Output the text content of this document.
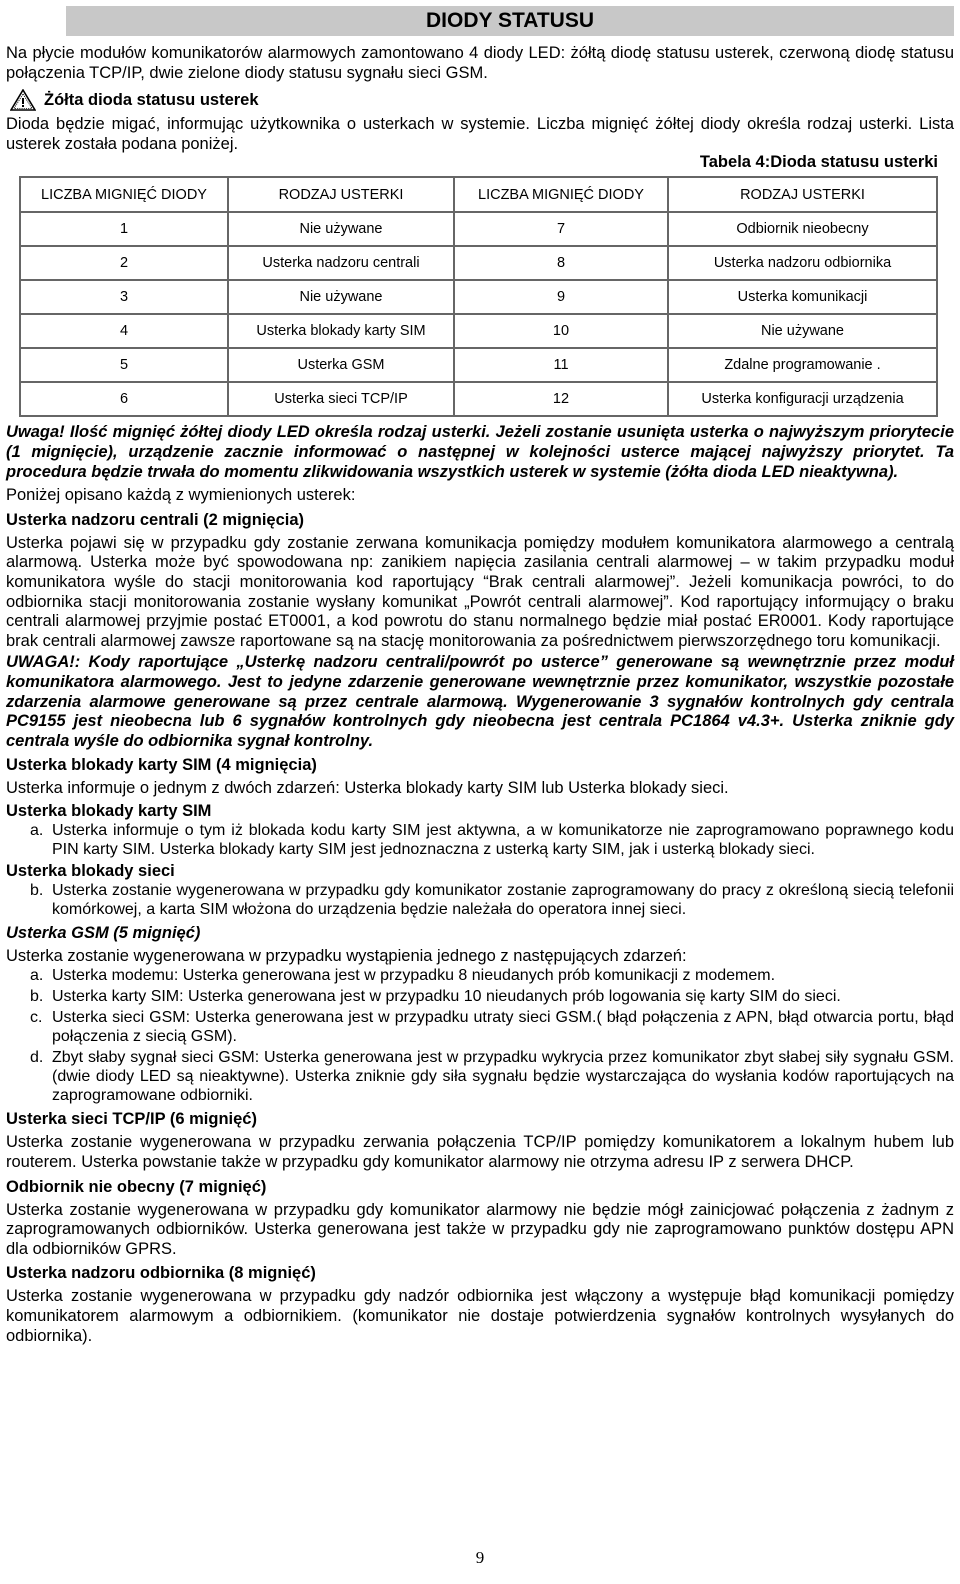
DIODY STATUSU

Na płycie modułów komunikatorów alarmowych zamontowano 4 diody LED: żółtą diodę statusu usterek, czerwoną diodę statusu połączenia TCP/IP, dwie zielone diody statusu sygnału sieci GSM.

Żółta dioda statusu usterek

Dioda będzie migać, informując użytkownika o usterkach w systemie. Liczba mignięć żółtej diody określa rodzaj usterki. Lista usterek została podana poniżej.

Tabela 4:Dioda statusu usterki
LICZBA MIGNIĘĆ DIODY	RODZAJ USTERKI	LICZBA MIGNIĘĆ DIODY	RODZAJ USTERKI
1	Nie używane	7	Odbiornik nieobecny
2	Usterka nadzoru centrali	8	Usterka nadzoru odbiornika
3	Nie używane	9	Usterka komunikacji
4	Usterka blokady karty SIM	10	Nie używane
5	Usterka GSM	11	Zdalne programowanie .
6	Usterka sieci TCP/IP	12	Usterka konfiguracji urządzenia

Uwaga! Ilość mignięć żółtej diody LED określa rodzaj usterki. Jeżeli zostanie usunięta usterka o najwyższym priorytecie (1 mignięcie), urządzenie zacznie informować o następnej w kolejności usterce mającej najwyższy priorytet. Ta procedura będzie trwała do momentu zlikwidowania wszystkich usterek w systemie (żółta dioda LED nieaktywna).

Poniżej opisano każdą z wymienionych usterek:

Usterka nadzoru centrali (2 mignięcia)

Usterka pojawi się w przypadku gdy zostanie zerwana komunikacja pomiędzy modułem komunikatora alarmowego a centralą alarmową. Usterka może być spowodowana np: zanikiem napięcia zasilania centrali alarmowej – w takim przypadku moduł komunikatora wyśle do stacji monitorowania kod raportujący “Brak centrali alarmowej”. Jeżeli komunikacja powróci, to do odbiornika stacji monitorowania zostanie wysłany komunikat „Powrót centrali alarmowej”. Kod raportujący informujący o braku centrali alarmowej przyjmie postać ET0001, a kod powrotu do stanu normalnego będzie miał postać ER0001. Kody raportujące brak centrali alarmowej zawsze raportowane są na stację monitorowania za pośrednictwem pierwszorzędnego toru komunikacji.

UWAGA!: Kody raportujące „Usterkę nadzoru centrali/powrót po usterce” generowane są wewnętrznie przez moduł komunikatora alarmowego. Jest to jedyne zdarzenie generowane wewnętrznie przez komunikator, wszystkie pozostałe zdarzenia alarmowe generowane są przez centrale alarmową. Wygenerowanie 3 sygnałów kontrolnych gdy centrala PC9155 jest nieobecna lub 6 sygnałów kontrolnych gdy nieobecna jest centrala PC1864 v4.3+. Usterka zniknie gdy centrala wyśle do odbiornika sygnał kontrolny.

Usterka blokady karty SIM (4 mignięcia)

Usterka informuje o jednym z dwóch zdarzeń: Usterka blokady karty SIM lub Usterka blokady sieci.

Usterka blokady karty SIM
a. Usterka informuje o tym iż blokada kodu karty SIM jest aktywna, a w komunikatorze nie zaprogramowano poprawnego kodu PIN karty SIM. Usterka blokady karty SIM jest jednoznaczna z usterką karty SIM, jak i usterką blokady sieci.
Usterka blokady sieci
b. Usterka zostanie wygenerowana w przypadku gdy komunikator zostanie zaprogramowany do pracy z określoną siecią telefonii komórkowej, a karta SIM włożona do urządzenia będzie należała do operatora innej sieci.
Usterka GSM (5 mignięć)

Usterka zostanie wygenerowana w przypadku wystąpienia jednego z następujących zdarzeń:

a. Usterka modemu: Usterka generowana jest w przypadku 8 nieudanych prób komunikacji z modemem.
b. Usterka karty SIM: Usterka generowana jest w przypadku 10 nieudanych prób logowania się karty SIM do sieci.
c. Usterka sieci GSM: Usterka generowana jest w przypadku utraty sieci GSM.( błąd połączenia z APN, błąd otwarcia portu, błąd połączenia z siecią GSM).
d. Zbyt słaby sygnał sieci GSM: Usterka generowana jest w przypadku wykrycia przez komunikator zbyt słabej siły sygnału GSM. (dwie diody LED są nieaktywne). Usterka zniknie gdy siła sygnału będzie wystarczająca do wysłania kodów raportujących na zaprogramowane odbiorniki.
Usterka sieci TCP/IP (6 mignięć)

Usterka zostanie wygenerowana w przypadku zerwania połączenia TCP/IP pomiędzy komunikatorem a lokalnym hubem lub routerem. Usterka powstanie także w przypadku gdy komunikator alarmowy nie otrzyma adresu IP z serwera DHCP.

Odbiornik nie obecny (7 mignięć)

Usterka zostanie wygenerowana w przypadku gdy komunikator alarmowy nie będzie mógł zainicjować połączenia z żadnym z zaprogramowanych odbiorników. Usterka generowana jest także w przypadku gdy nie zaprogramowano punktów dostępu APN dla odbiorników GPRS.

Usterka nadzoru odbiornika (8 mignięć)

Usterka zostanie wygenerowana w przypadku gdy nadzór odbiornika jest włączony a występuje błąd komunikacji pomiędzy komunikatorem alarmowym a odbiornikiem. (komunikator nie dostaje potwierdzenia sygnałów kontrolnych wysyłanych do odbiornika).

9
